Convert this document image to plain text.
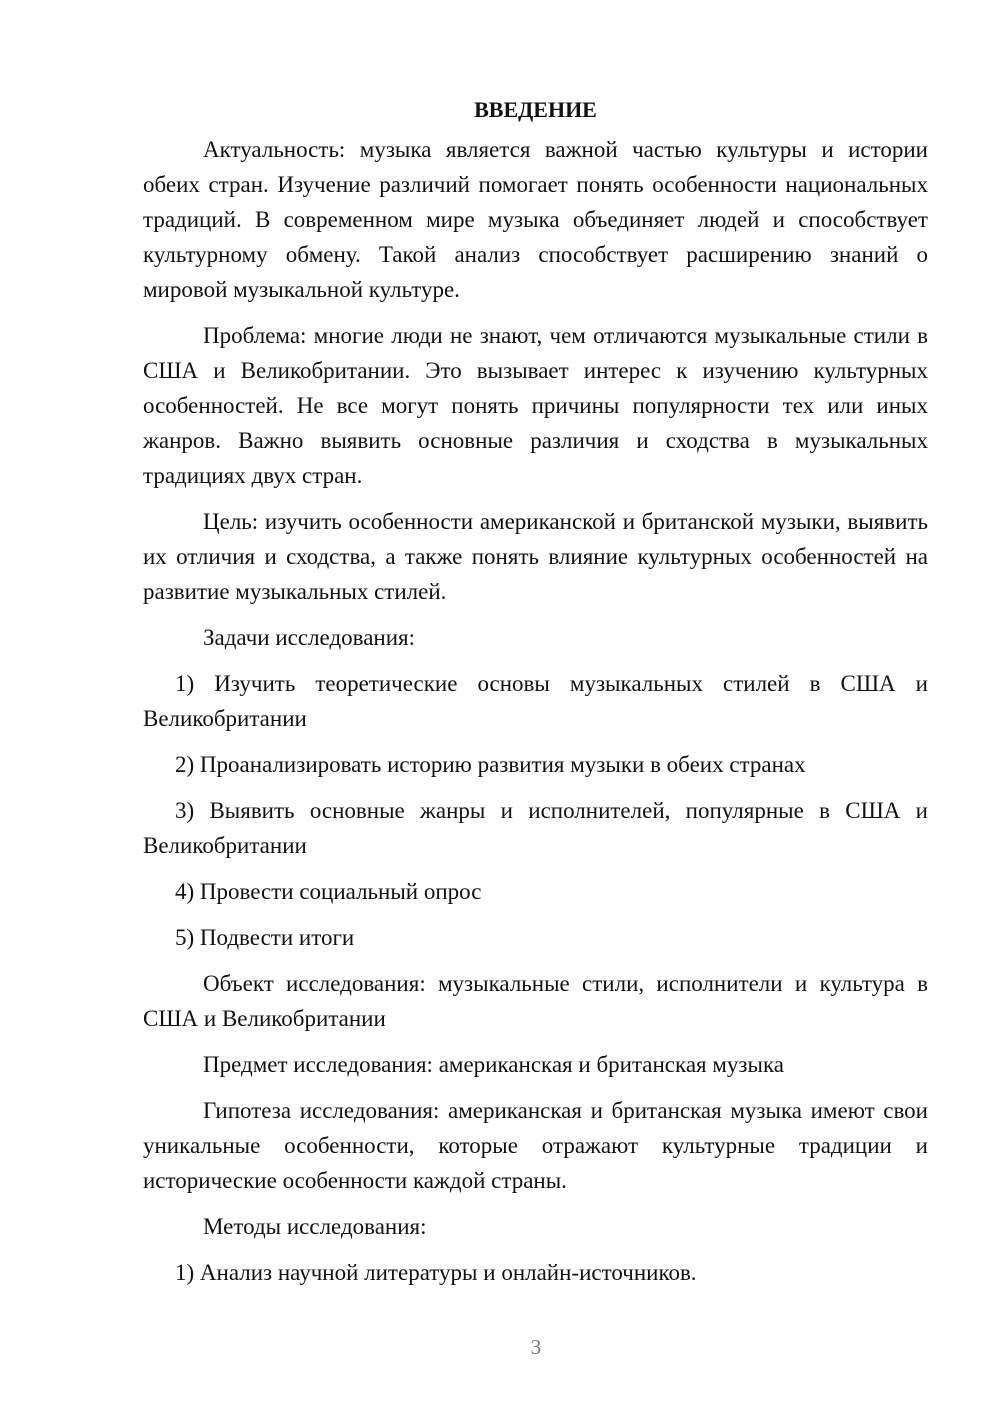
ВВЕДЕНИЕ

Актуальность: музыка является важной частью культуры и истории обеих стран. Изучение различий помогает понять особенности национальных традиций. В современном мире музыка объединяет людей и способствует культурному обмену. Такой анализ способствует расширению знаний о мировой музыкальной культуре.

Проблема: многие люди не знают, чем отличаются музыкальные стили в США и Великобритании. Это вызывает интерес к изучению культурных особенностей. Не все могут понять причины популярности тех или иных жанров. Важно выявить основные различия и сходства в музыкальных традициях двух стран.

Цель: изучить особенности американской и британской музыки, выявить их отличия и сходства, а также понять влияние культурных особенностей на развитие музыкальных стилей.

Задачи исследования:

1) Изучить теоретические основы музыкальных стилей в США и Великобритании

2) Проанализировать историю развития музыки в обеих странах

3) Выявить основные жанры и исполнителей, популярные в США и Великобритании

4) Провести социальный опрос

5) Подвести итоги

Объект исследования: музыкальные стили, исполнители и культура в США и Великобритании

Предмет исследования: американская и британская музыка

Гипотеза исследования: американская и британская музыка имеют свои уникальные особенности, которые отражают культурные традиции и исторические особенности каждой страны.

Методы исследования:

1) Анализ научной литературы и онлайн-источников.

3
